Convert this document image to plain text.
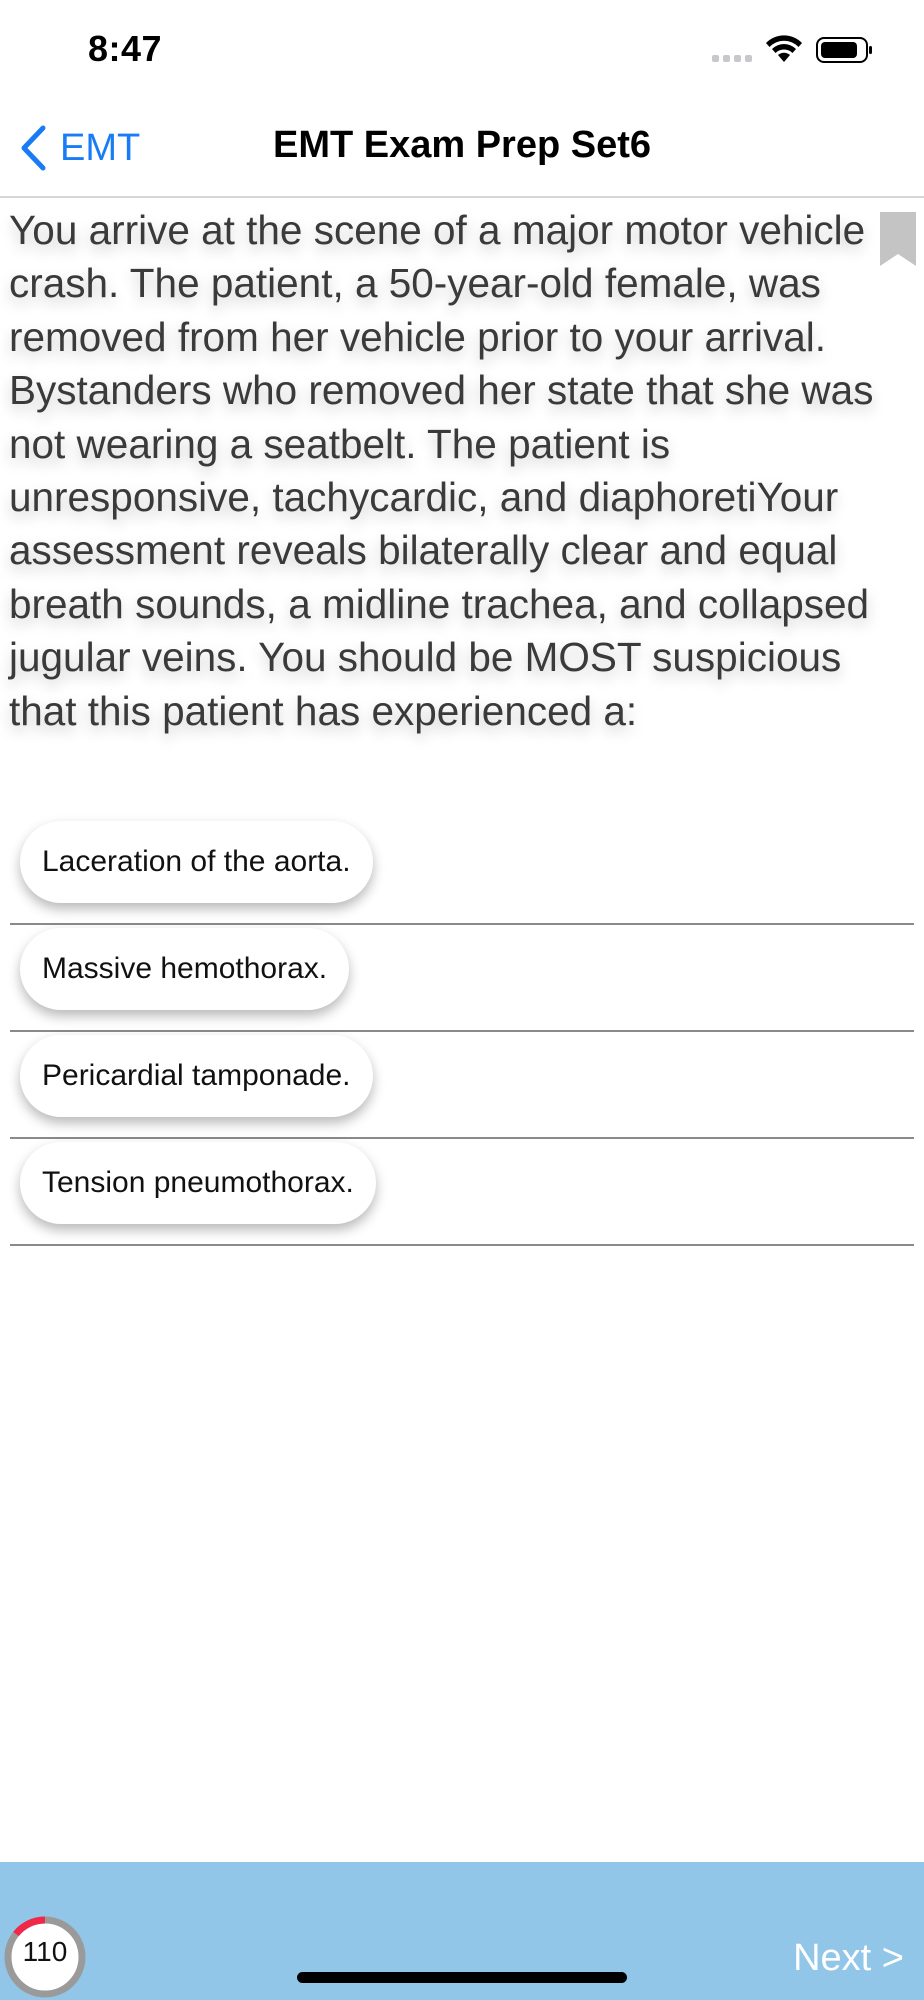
8:47
EMT	EMT Exam Prep Set6
You arrive at the scene of a major motor vehicle crash. The patient, a 50-year-old female, was removed from her vehicle prior to your arrival. Bystanders who removed her state that she was not wearing a seatbelt. The patient is unresponsive, tachycardic, and diaphoretiYour assessment reveals bilaterally clear and equal breath sounds, a midline trachea, and collapsed jugular veins. You should be MOST suspicious that this patient has experienced a:
Laceration of the aorta.
Massive hemothorax.
Pericardial tamponade.
Tension pneumothorax.
110	Next >
